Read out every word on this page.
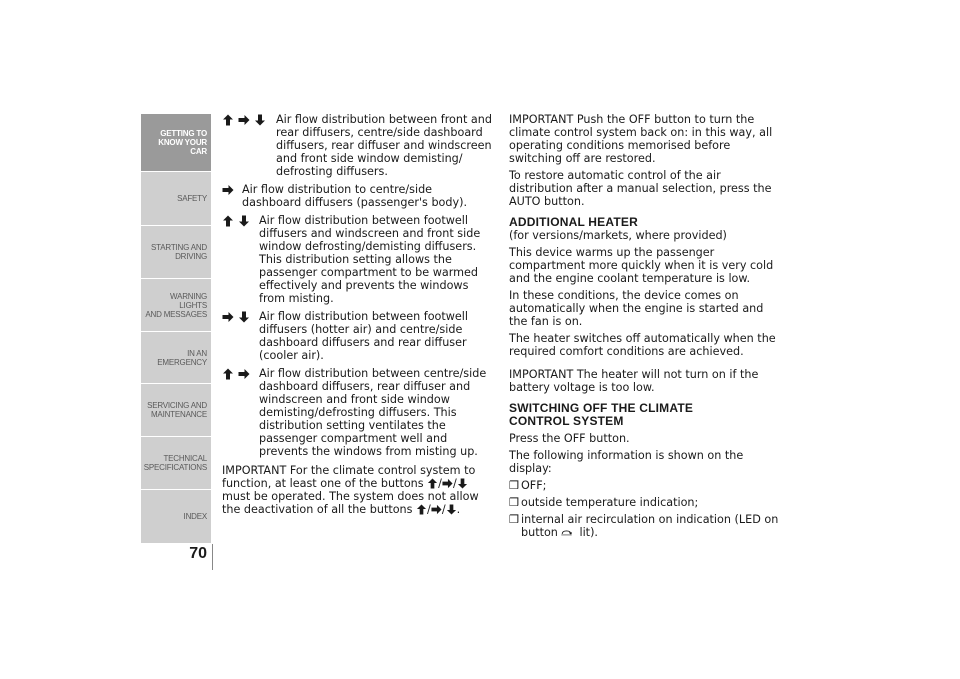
GETTING TO
KNOW YOUR CAR
SAFETY
STARTING AND
DRIVING
WARNING LIGHTS
AND MESSAGES
IN AN EMERGENCY
SERVICING AND
MAINTENANCE
TECHNICAL
SPECIFICATIONS
INDEX
70
Air flow distribution between front and rear diffusers, centre/side dashboard diffusers, rear diffuser and windscreen and front side window demisting/ defrosting diffusers.
Air flow distribution to centre/side dashboard diffusers (passenger's body).
Air flow distribution between footwell diffusers and windscreen and front side window defrosting/demisting diffusers. This distribution setting allows the passenger compartment to be warmed effectively and prevents the windows from misting.
Air flow distribution between footwell diffusers (hotter air) and centre/side dashboard diffusers and rear diffuser (cooler air).
Air flow distribution between centre/side dashboard diffusers, rear diffuser and windscreen and front side window demisting/defrosting diffusers. This distribution setting ventilates the passenger compartment well and prevents the windows from misting up.

IMPORTANT For the climate control system to function, at least one of the buttons / /
must be operated. The system does not allow the deactivation of all the buttons / / .

IMPORTANT Push the OFF button to turn the climate control system back on: in this way, all operating conditions memorised before switching off are restored.

To restore automatic control of the air distribution after a manual selection, press the AUTO button.

ADDITIONAL HEATER

(for versions/markets, where provided)

This device warms up the passenger compartment more quickly when it is very cold and the engine coolant temperature is low.

In these conditions, the device comes on automatically when the engine is started and the fan is on.

The heater switches off automatically when the required comfort conditions are achieved.

IMPORTANT The heater will not turn on if the battery voltage is too low.

SWITCHING OFF THE CLIMATE
CONTROL SYSTEM

Press the OFF button.

The following information is shown on the display:

❒ OFF;
❒ outside temperature indication;
❒ internal air recirculation on indication (LED on button lit).
